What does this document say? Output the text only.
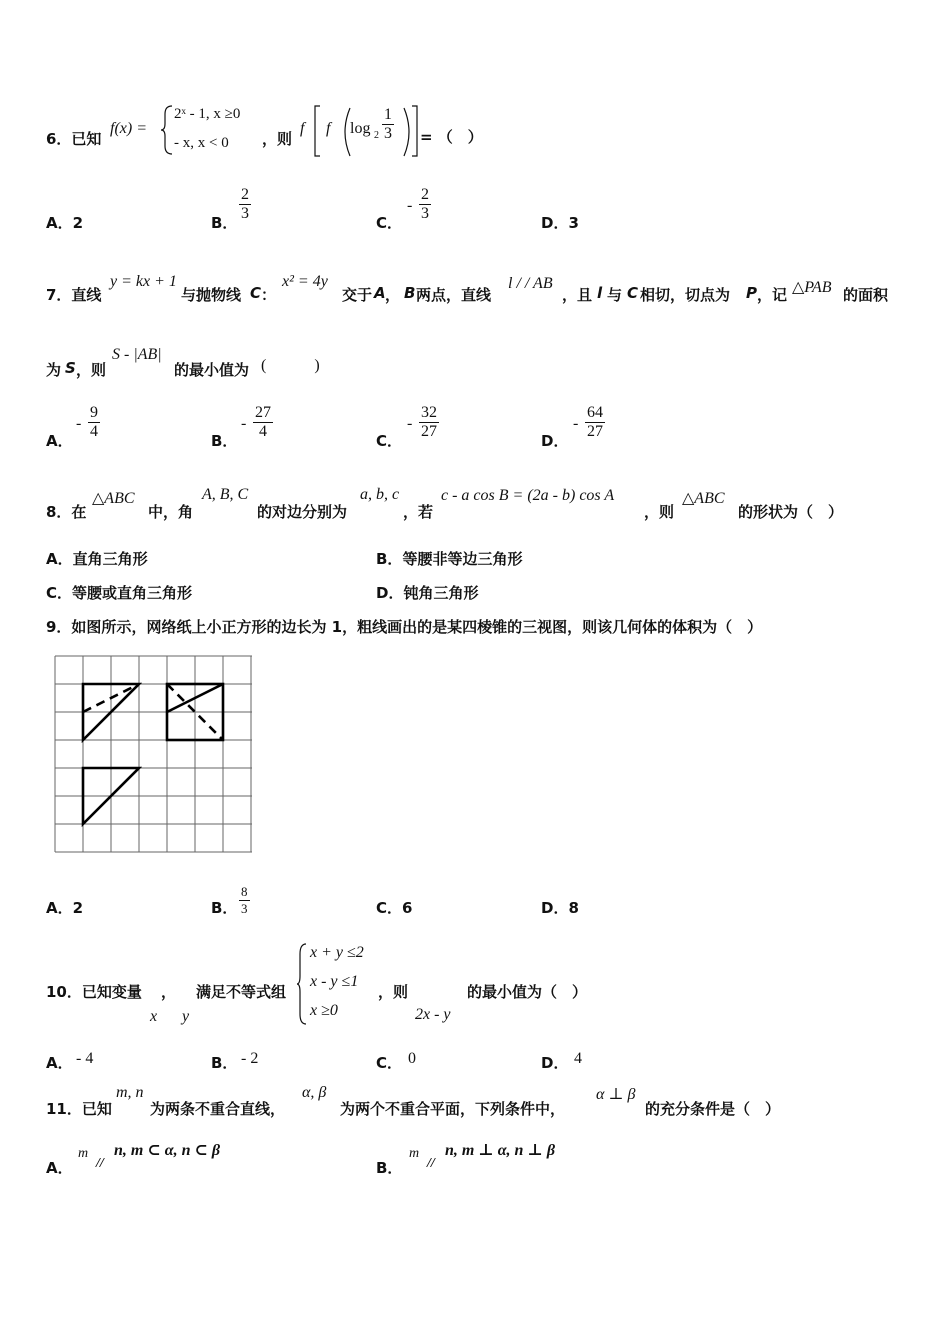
6．已知
f(x) =
2ˣ - 1, x ≥0
- x, x < 0 ，则
f f $\log 2 \frac{1}{3}$ = （　）
A．2	B． $\frac{2}{3}$	C．
- $\frac{2}{3}$	D．3
7．直线
y = kx + 1
与抛物线 C ：
x² = 4y
交于 A ， B 两点，直线
l / / AB
，且 l 与 C 相切，切点为 P ，记 △PAB 的面积
为 S ，则
S - |AB|
的最小值为 (　　　)
A．
- $\frac{9}{4}$	B．
- $\frac{27}{4}$	C．
- $\frac{32}{27}$	D．
- $\frac{64}{27}$
8．在
△ABC
中，角
A, B, C
的对边分别为
a, b, c
，若
c - a cos B = (2a - b) cos A
，则
△ABC
的形状为（　）
A．直角三角形	B．等腰非等边三角形
C．等腰或直角三角形	D．钝角三角形
9．如图所示，网络纸上小正方形的边长为 1，粗线画出的是某四棱锥的三视图，则该几何体的体积为（　）
A．2	B． $\frac{8}{3}$	C．6	D．8
10．已知变量 ， 满足不等式组
x + y ≤2
x - y ≤1
x ≥0
，则	的最小值为（　）
x y	2x - y
A． - 4	B． - 2	C． 0	D． 4
11．已知
m, n
为两条不重合直线，
α, β
为两个不重合平面，下列条件中，
α ⊥ β
的充分条件是（　）
A．
m
//
n, m ⊂ α, n ⊂ β
B．
m
//
n, m ⊥ α, n ⊥ β
